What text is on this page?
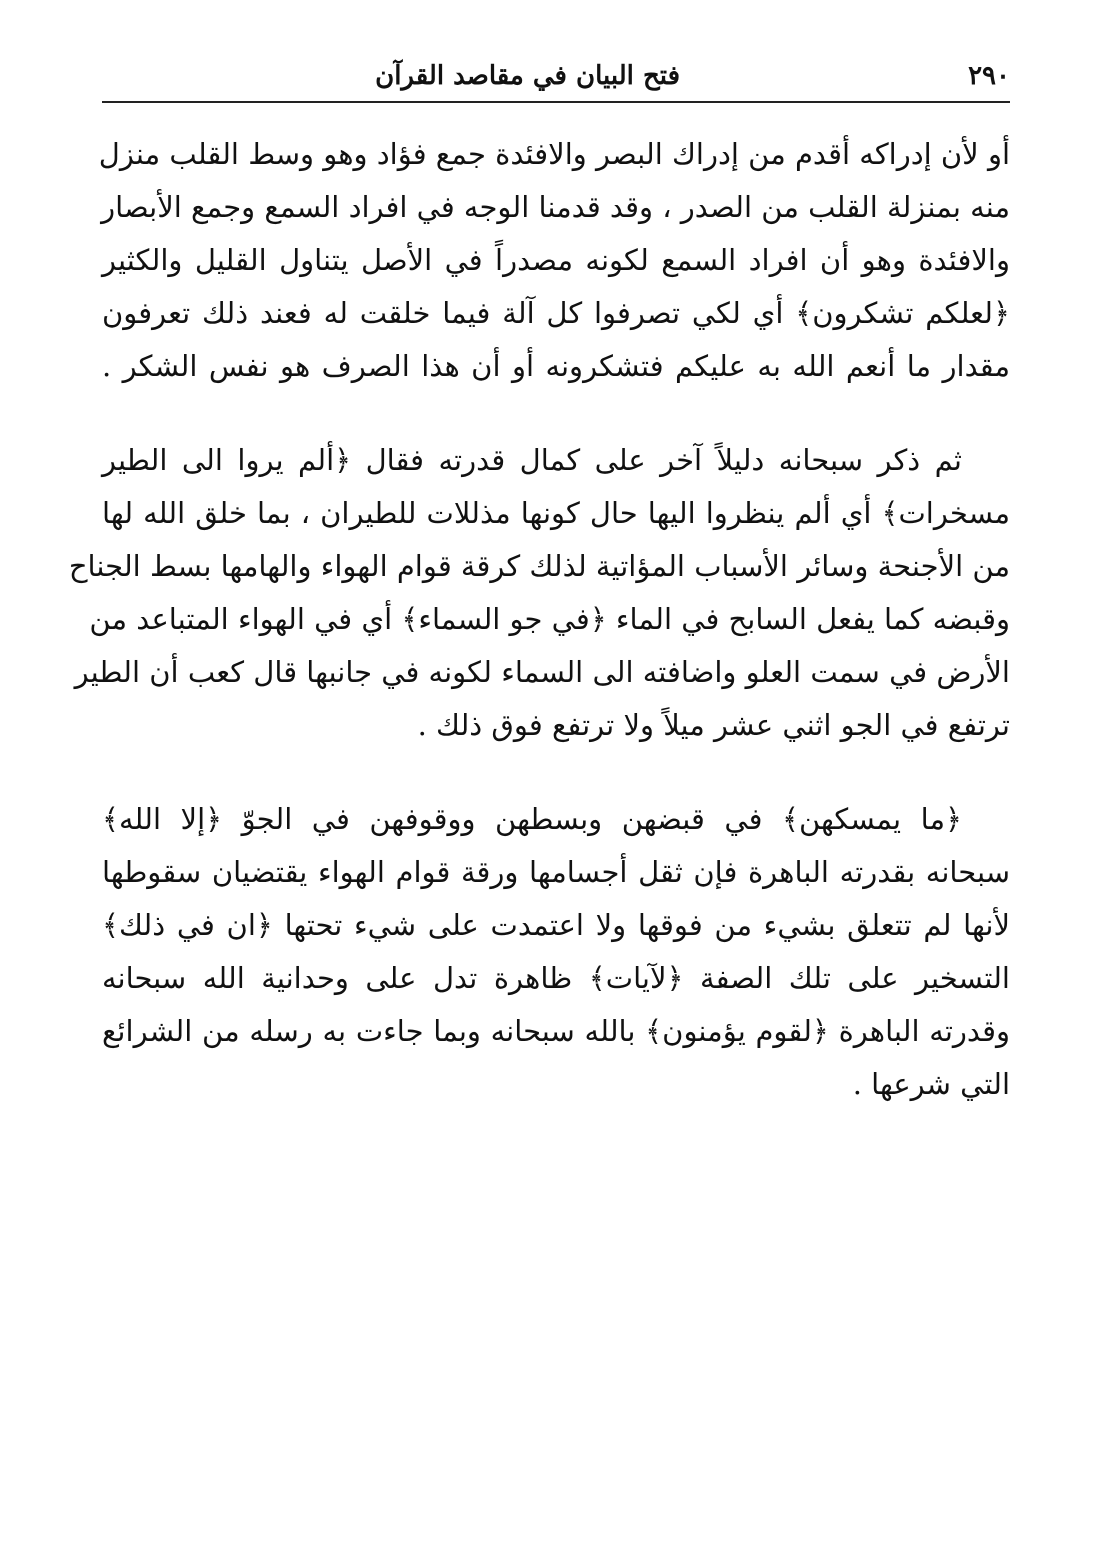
٢٩٠
فتح البيان في مقاصد القرآن

أو لأن إدراكه أقدم من إدراك البصر والافئدة جمع فؤاد وهو وسط القلب منزل
منه بمنزلة القلب من الصدر ، وقد قدمنا الوجه في افراد السمع وجمع الأبصار
والافئدة وهو أن افراد السمع لكونه مصدراً في الأصل يتناول القليل والكثير
﴿لعلكم تشكرون﴾ أي لكي تصرفوا كل آلة فيما خلقت له فعند ذلك تعرفون
مقدار ما أنعم الله به عليكم فتشكرونه أو أن هذا الصرف هو نفس الشكر .

ثم ذكر سبحانه دليلاً آخر على كمال قدرته فقال ﴿ألم يروا الى الطير
مسخرات﴾ أي ألم ينظروا اليها حال كونها مذللات للطيران ، بما خلق الله لها
من الأجنحة وسائر الأسباب المؤاتية لذلك كرقة قوام الهواء والهامها بسط الجناح
وقبضه كما يفعل السابح في الماء ﴿في جو السماء﴾ أي في الهواء المتباعد من
الأرض في سمت العلو واضافته الى السماء لكونه في جانبها قال كعب أن الطير
ترتفع في الجو اثني عشر ميلاً ولا ترتفع فوق ذلك .

﴿ما يمسكهن﴾ في قبضهن وبسطهن ووقوفهن في الجوّ ﴿إلا الله﴾
سبحانه بقدرته الباهرة فإن ثقل أجسامها ورقة قوام الهواء يقتضيان سقوطها
لأنها لم تتعلق بشيء من فوقها ولا اعتمدت على شيء تحتها ﴿ان في ذلك﴾
التسخير على تلك الصفة ﴿لآيات﴾ ظاهرة تدل على وحدانية الله سبحانه
وقدرته الباهرة ﴿لقوم يؤمنون﴾ بالله سبحانه وبما جاءت به رسله من الشرائع
التي شرعها .
